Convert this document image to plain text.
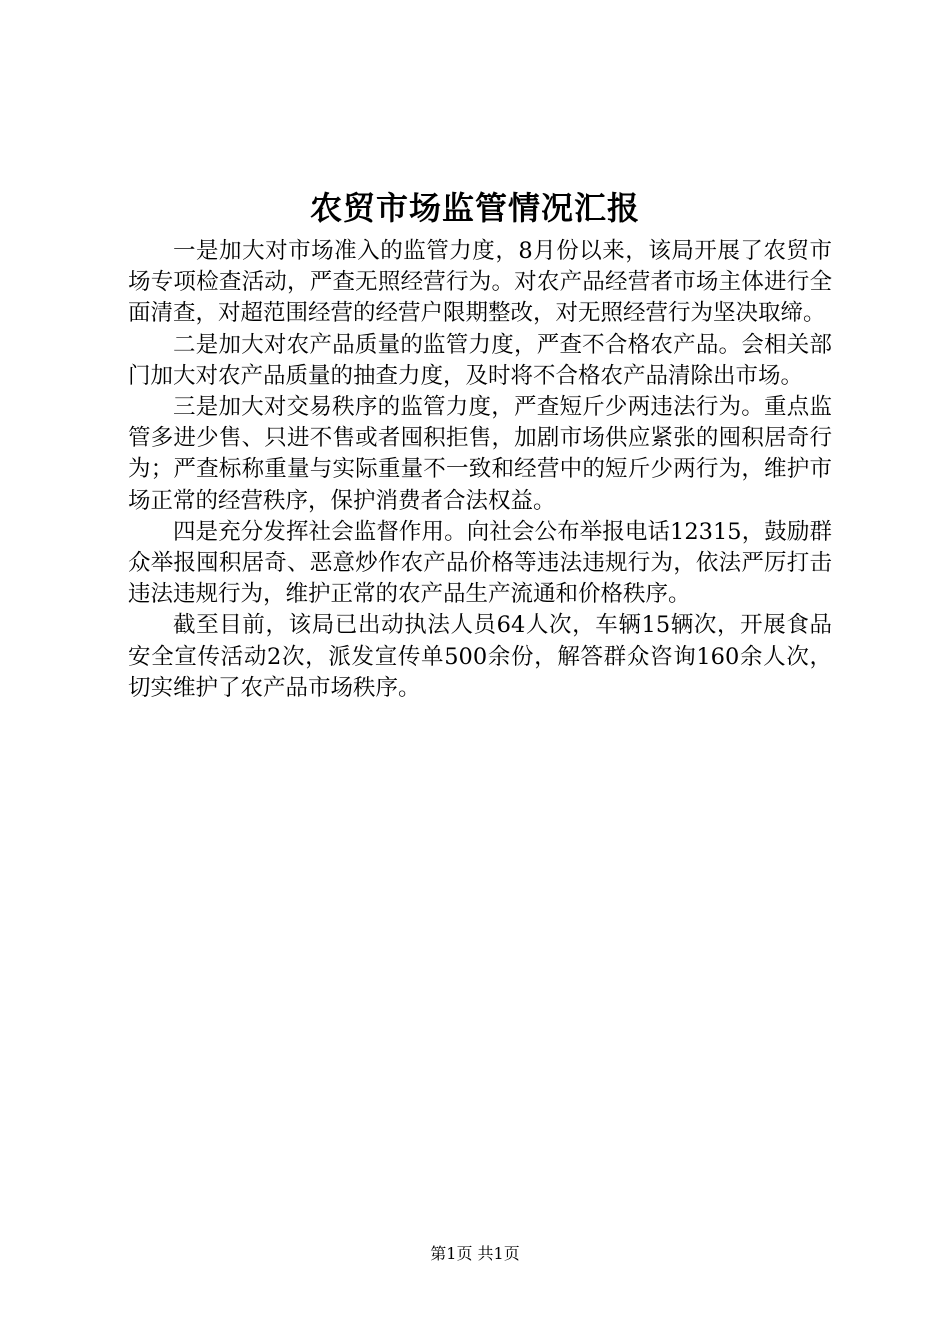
农贸市场监管情况汇报

一是加大对市场准入的监管力度，8月份以来，该局开展了农贸市场专项检查活动，严查无照经营行为。对农产品经营者市场主体进行全面清查，对超范围经营的经营户限期整改，对无照经营行为坚决取缔。

二是加大对农产品质量的监管力度，严查不合格农产品。会相关部门加大对农产品质量的抽查力度，及时将不合格农产品清除出市场。

三是加大对交易秩序的监管力度，严查短斤少两违法行为。重点监管多进少售、只进不售或者囤积拒售，加剧市场供应紧张的囤积居奇行为；严查标称重量与实际重量不一致和经营中的短斤少两行为，维护市场正常的经营秩序，保护消费者合法权益。

四是充分发挥社会监督作用。向社会公布举报电话12315，鼓励群众举报囤积居奇、恶意炒作农产品价格等违法违规行为，依法严厉打击违法违规行为，维护正常的农产品生产流通和价格秩序。

截至目前，该局已出动执法人员64人次，车辆15辆次，开展食品安全宣传活动2次，派发宣传单500余份，解答群众咨询160余人次，切实维护了农产品市场秩序。

第1页 共1页
